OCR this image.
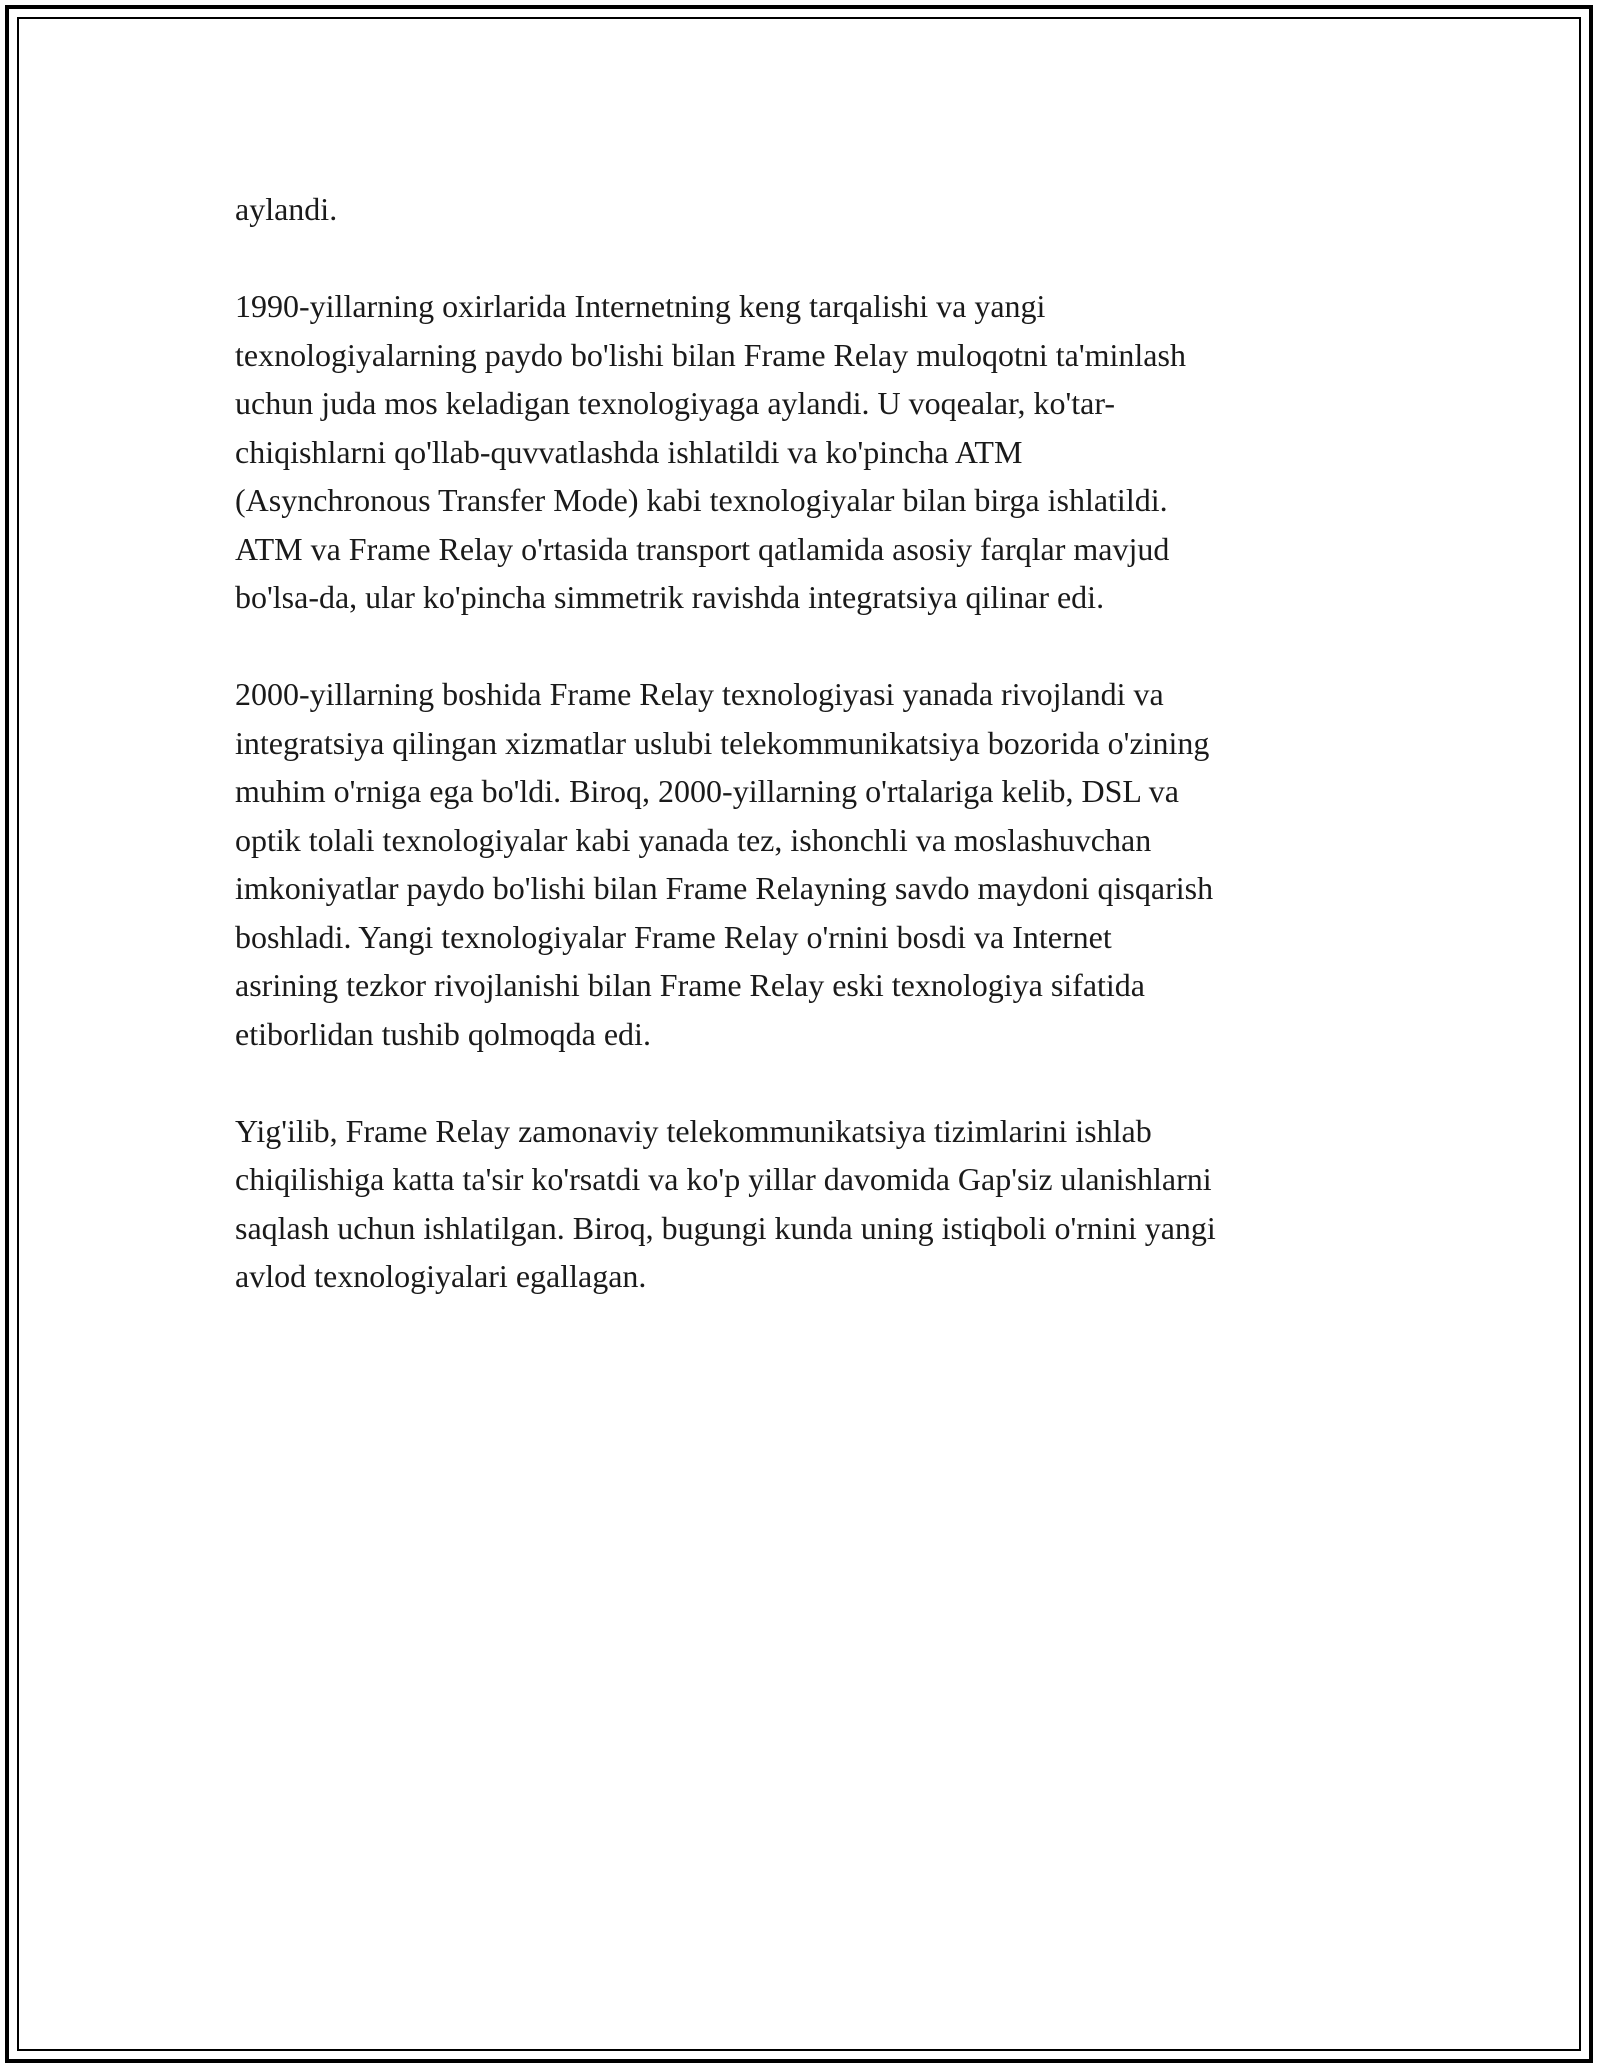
aylandi.

1990-yillarning oxirlarida Internetning keng tarqalishi va yangi
texnologiyalarning paydo bo'lishi bilan Frame Relay muloqotni ta'minlash
uchun juda mos keladigan texnologiyaga aylandi. U voqealar, ko'tar-
chiqishlarni qo'llab-quvvatlashda ishlatildi va ko'pincha ATM
(Asynchronous Transfer Mode) kabi texnologiyalar bilan birga ishlatildi.
ATM va Frame Relay o'rtasida transport qatlamida asosiy farqlar mavjud
bo'lsa-da, ular ko'pincha simmetrik ravishda integratsiya qilinar edi.

2000-yillarning boshida Frame Relay texnologiyasi yanada rivojlandi va
integratsiya qilingan xizmatlar uslubi telekommunikatsiya bozorida o'zining
muhim o'rniga ega bo'ldi. Biroq, 2000-yillarning o'rtalariga kelib, DSL va
optik tolali texnologiyalar kabi yanada tez, ishonchli va moslashuvchan
imkoniyatlar paydo bo'lishi bilan Frame Relayning savdo maydoni qisqarish
boshladi. Yangi texnologiyalar Frame Relay o'rnini bosdi va Internet
asrining tezkor rivojlanishi bilan Frame Relay eski texnologiya sifatida
etiborlidan tushib qolmoqda edi.

Yig'ilib, Frame Relay zamonaviy telekommunikatsiya tizimlarini ishlab
chiqilishiga katta ta'sir ko'rsatdi va ko'p yillar davomida Gap'siz ulanishlarni
saqlash uchun ishlatilgan. Biroq, bugungi kunda uning istiqboli o'rnini yangi
avlod texnologiyalari egallagan.
